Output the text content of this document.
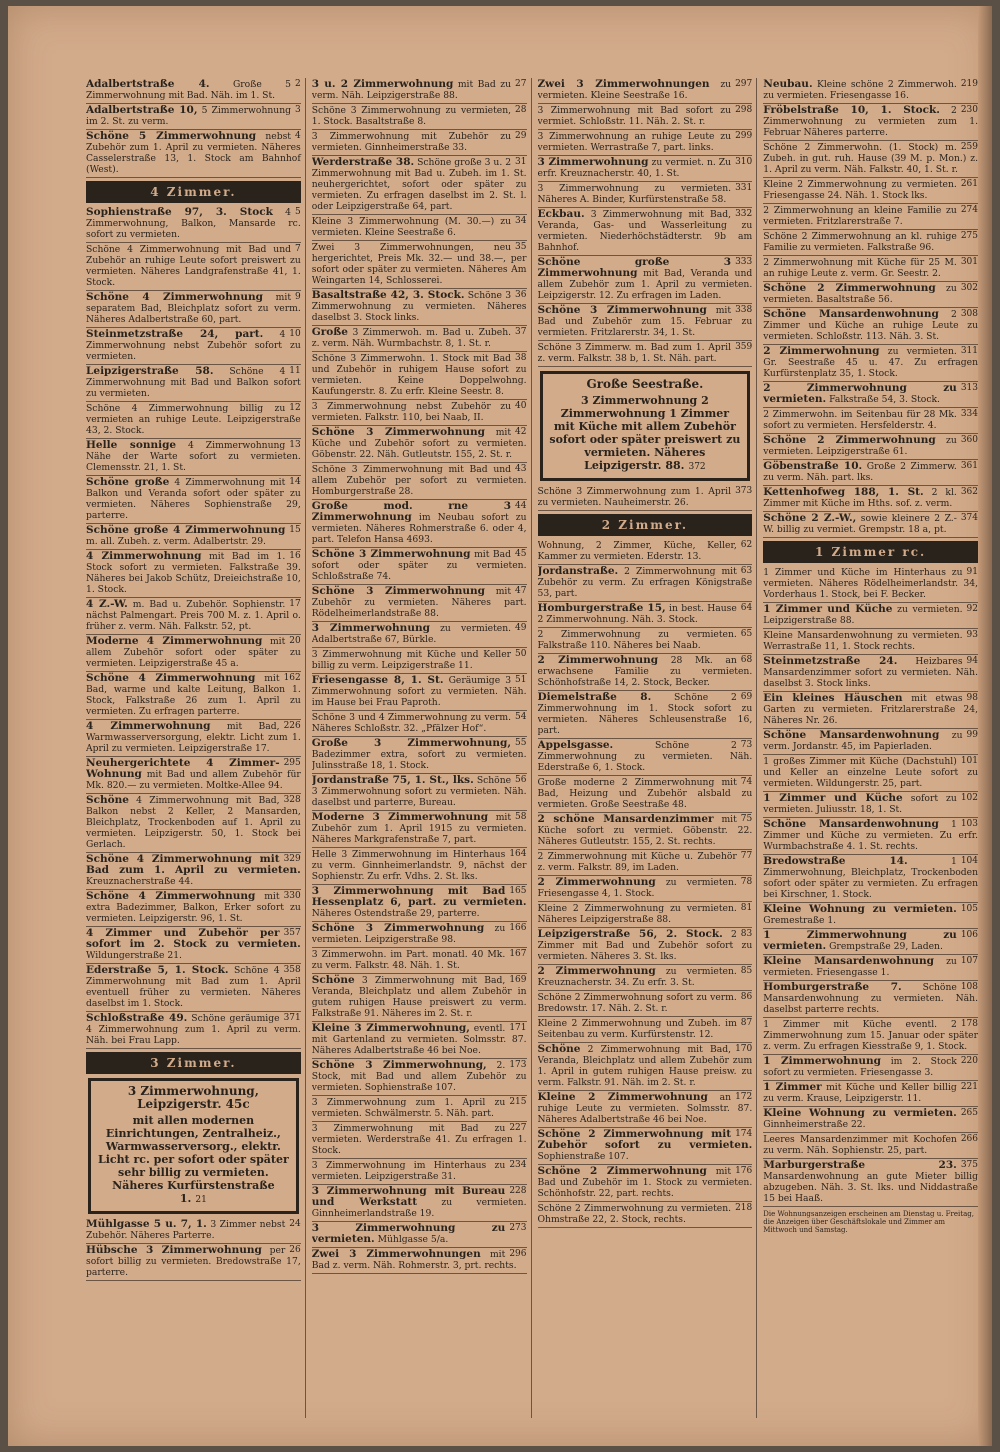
2
Adalbertstraße 4.	Große 5 Zimmerwohnung mit Bad. Näh. im 1. St.
3
Adalbertstraße 10, 5 Zimmerwohnung im 2. St. zu verm.
4
Schöne 5 Zimmerwohnung nebst Zubehör zum 1. April zu vermieten. Näheres Casselerstraße 13, 1. Stock am Bahnhof (West).
4 Zimmer.
5
Sophienstraße 97, 3. Stock 4 Zimmerwohnung, Balkon, Mansarde rc. sofort zu vermieten.
7
Schöne 4 Zimmerwohnung mit Bad und Zubehör an ruhige Leute sofort preiswert zu vermieten. Näheres Landgrafenstraße 41, 1. Stock.
9
Schöne 4 Zimmerwohnung mit separatem Bad, Bleichplatz sofort zu verm. Näheres Adalbertstraße 60, part.
10
Steinmetzstraße 24, part. 4 Zimmerwohnung nebst Zubehör sofort zu vermieten.
11
Leipzigerstraße 58. Schöne 4 Zimmerwohnung mit Bad und Balkon sofort zu vermieten.
12
Schöne 4 Zimmerwohnung billig zu vermieten an ruhige Leute. Leipzigerstraße 43, 2. Stock.
13
Helle sonnige 4 Zimmerwohnung Nähe der Warte sofort zu vermieten. Clemensstr. 21, 1. St.
14
Schöne große 4 Zimmerwohnung mit Balkon und Veranda sofort oder später zu vermieten. Näheres Sophienstraße 29, parterre.
15
Schöne große 4 Zimmerwohnung m. all. Zubeh. z. verm. Adalbertstr. 29.
16
4 Zimmerwohnung mit Bad im 1. Stock sofort zu vermieten. Falkstraße 39. Näheres bei Jakob Schütz, Dreieichstraße 10, 1. Stock.
17
4 Z.-W. m. Bad u. Zubehör. Sophienstr. nächst Palmengart. Preis 700 M. z. 1. April o. früher z. verm. Näh. Falkstr. 52, pt.
20
Moderne 4 Zimmerwohnung mit allem Zubehör sofort oder später zu vermieten. Leipzigerstraße 45 a.
162
Schöne 4 Zimmerwohnung mit Bad, warme und kalte Leitung, Balkon 1. Stock, Falkstraße 26 zum 1. April zu vermieten. Zu erfragen parterre.
226
4 Zimmerwohnung mit Bad, Warmwasserversorgung, elektr. Licht zum 1. April zu vermieten. Leipzigerstraße 17.
295
Neuhergerichtete 4 Zimmer-Wohnung mit Bad und allem Zubehör für Mk. 820.— zu vermieten. Moltke-Allee 94.
328
Schöne 4 Zimmerwohnung mit Bad, Balkon nebst 2 Keller, 2 Mansarden, Bleichplatz, Trockenboden auf 1. April zu vermieten. Leipzigerstr. 50, 1. Stock bei Gerlach.
329
Schöne 4 Zimmerwohnung mit Bad zum 1. April zu vermieten. Kreuznacherstraße 44.
330
Schöne 4 Zimmerwohnung mit extra Badezimmer, Balkon, Erker sofort zu vermieten. Leipzigerstr. 96, 1. St.
357
4 Zimmer und Zubehör per sofort im 2. Stock zu vermieten. Wildungerstraße 21.
358
Ederstraße 5, 1. Stock. Schöne 4 Zimmerwohnung mit Bad zum 1. April eventuell früher zu vermieten. Näheres daselbst im 1. Stock.
371
Schloßstraße 49. Schöne geräumige 4 Zimmerwohnung zum 1. April zu verm. Näh. bei Frau Lapp.
3 Zimmer.
3 Zimmerwohnung, Leipzigerstr. 45c
mit allen modernen Einrichtungen, Zentralheiz., Warmwasserversorg., elektr. Licht rc. per sofort oder später sehr billig zu vermieten. Näheres Kurfürstenstraße 1. 21
24
Mühlgasse 5 u. 7, 1. 3 Zimmer nebst Zubehör. Näheres Parterre.
26
Hübsche 3 Zimmerwohnung per sofort billig zu vermieten. Bredowstraße 17, parterre.
27
3 u. 2 Zimmerwohnung mit Bad zu verm. Näh. Leipzigerstraße 88.
28
Schöne 3 Zimmerwohnung zu vermieten, 1. Stock. Basaltstraße 8.
29
3 Zimmerwohnung mit Zubehör zu vermieten. Ginnheimerstraße 33.
31
Werderstraße 38. Schöne große 3 u. 2 Zimmerwohnung mit Bad u. Zubeh. im 1. St. neuhergerichtet, sofort oder später zu vermieten. Zu erfragen daselbst im 2. St. l. oder Leipzigerstraße 64, part.
34
Kleine 3 Zimmerwohnung (M. 30.—) zu vermieten. Kleine Seestraße 6.
35
Zwei 3 Zimmerwohnungen, neu hergerichtet, Preis Mk. 32.— und 38.—, per sofort oder später zu vermieten. Näheres Am Weingarten 14, Schlosserei.
36
Basaltstraße 42, 3. Stock. Schöne 3 Zimmerwohnung zu vermieten. Näheres daselbst 3. Stock links.
37
Große 3 Zimmerwoh. m. Bad u. Zubeh. z. verm. Näh. Wurmbachstr. 8, 1. St. r.
38
Schöne 3 Zimmerwohn. 1. Stock mit Bad und Zubehör in ruhigem Hause sofort zu vermieten. Keine Doppelwohng. Kaufungerstr. 8. Zu erfr. Kleine Seestr. 8.
40
3 Zimmerwohnung nebst Zubehör zu vermieten. Falkstr. 110, bei Naab, II.
42
Schöne 3 Zimmerwohnung mit Küche und Zubehör sofort zu vermieten. Göbenstr. 22. Näh. Gutleutstr. 155, 2. St. r.
43
Schöne 3 Zimmerwohnung mit Bad und allem Zubehör per sofort zu vermieten. Homburgerstraße 28.
44
Große mod. rne 3 Zimmerwohnung im Neubau sofort zu vermieten. Näheres Rohmerstraße 6. oder 4, part. Telefon Hansa 4693.
45
Schöne 3 Zimmerwohnung mit Bad sofort oder später zu vermieten. Schloßstraße 74.
47
Schöne 3 Zimmerwohnung mit Zubehör zu vermieten. Näheres part. Rödelheimerlandstraße 88.
49
3 Zimmerwohnung zu vermieten. Adalbertstraße 67, Bürkle.
50
3 Zimmerwohnung mit Küche und Keller billig zu verm. Leipzigerstraße 11.
51
Friesengasse 8, 1. St. Geräumige 3 Zimmerwohnung sofort zu vermieten. Näh. im Hause bei Frau Paproth.
54
Schöne 3 und 4 Zimmerwohnung zu verm. Näheres Schloßstr. 32. „Pfälzer Hof“.
55
Große 3 Zimmerwohnung, Badezimmer extra, sofort zu vermieten. Julinsstraße 18, 1. Stock.
56
Jordanstraße 75, 1. St., lks. Schöne 3 Zimmerwohnung sofort zu vermieten. Näh. daselbst und parterre, Bureau.
58
Moderne 3 Zimmerwohnung mit Zubehör zum 1. April 1915 zu vermieten. Näheres Markgrafenstraße 7, part.
164
Helle 3 Zimmerwohnung im Hinterhaus zu verm. Ginnheimerlandstr. 9, nächst der Sophienstr. Zu erfr. Vdhs. 2. St. lks.
165
3 Zimmerwohnung mit Bad Hessenplatz 6, part. zu vermieten. Näheres Ostendstraße 29, parterre.
166
Schöne 3 Zimmerwohnung zu vermieten. Leipzigerstraße 98.
167
3 Zimmerwohn. im Part. monatl. 40 Mk. zu verm. Falkstr. 48. Näh. 1. St.
169
Schöne 3 Zimmerwohnung mit Bad, Veranda, Bleichplatz und allem Zubehör in gutem ruhigen Hause preiswert zu verm. Falkstraße 91. Näheres im 2. St. r.
171
Kleine 3 Zimmerwohnung, eventl. mit Gartenland zu vermieten. Solmsstr. 87. Näheres Adalbertstraße 46 bei Noe.
173
Schöne 3 Zimmerwohnung, 2. Stock, mit Bad und allem Zubehör zu vermieten. Sophienstraße 107.
215
3 Zimmerwohnung zum 1. April zu vermieten. Schwälmerstr. 5. Näh. part.
227
3 Zimmerwohnung mit Bad zu vermieten. Werderstraße 41. Zu erfragen 1. Stock.
234
3 Zimmerwohnung im Hinterhaus zu vermieten. Leipzigerstraße 31.
228
3 Zimmerwohnung mit Bureau und Werkstatt	zu vermieten. Ginnheimerlandstraße 19.
273
3 Zimmerwohnung zu vermieten. Mühlgasse 5/a.
296
Zwei 3 Zimmerwohnungen mit Bad z. verm. Näh. Rohmerstr. 3, prt. rechts.
297
Zwei 3 Zimmerwohnungen zu vermieten. Kleine Seestraße 16.
298
3 Zimmerwohnung mit Bad sofort zu vermiet. Schloßstr. 11. Näh. 2. St. r.
299
3 Zimmerwohnung an ruhige Leute zu vermieten. Werrastraße 7, part. links.
310
3 Zimmerwohnung zu vermiet. n. Zu erfr. Kreuznacherstr. 40, 1. St.
331
3 Zimmerwohnung zu vermieten. Näheres A. Binder, Kurfürstenstraße 58.
332
Eckbau. 3 Zimmerwohnung mit Bad, Veranda, Gas- und Wasserleitung zu vermieten. Niederhöchstädterstr. 9b am Bahnhof.
333
Schöne große 3 Zimmerwohnung mit Bad, Veranda und allem Zubehör zum 1. April zu vermieten. Leipzigerstr. 12. Zu erfragen im Laden.
338
Schöne 3 Zimmerwohnung mit Bad und Zubehör zum 15. Februar zu vermieten. Fritzlarerstr. 34, 1. St.
359
Schöne 3 Zimmerw. m. Bad zum 1. April z. verm. Falkstr. 38 b, 1. St. Näh. part.
Große Seestraße.
3 Zimmerwohnung 2 Zimmerwohnung 1 Zimmer mit Küche mit allem Zubehör sofort oder später preiswert zu vermieten. Näheres Leipzigerstr. 88. 372
373
Schöne 3 Zimmerwohnung zum 1. April zu vermieten. Nauheimerstr. 26.
2 Zimmer.
62
Wohnung, 2 Zimmer, Küche, Keller, Kammer zu vermieten. Ederstr. 13.
63
Jordanstraße. 2 Zimmerwohnung mit Zubehör zu verm. Zu erfragen Königstraße 53, part.
64
Homburgerstraße 15, in best. Hause 2 Zimmerwohnung. Näh. 3. Stock.
65
2 Zimmerwohnung zu vermieten. Falkstraße 110. Näheres bei Naab.
68
2 Zimmerwohnung 28 Mk. an erwachsene Familie zu vermieten. Schönhofstraße 14, 2. Stock, Becker.
69
Diemelstraße 8. Schöne 2 Zimmerwohnung im 1. Stock sofort zu vermieten. Näheres Schleusenstraße 16, part.
73
Appelsgasse.	Schöne 2 Zimmerwohnung zu vermieten. Näh. Ederstraße 6, 1. Stock.
74
Große moderne 2 Zimmerwohnung mit Bad, Heizung und Zubehör alsbald zu vermieten. Große Seestraße 48.
75
2 schöne Mansardenzimmer mit Küche sofort zu vermiet. Göbenstr. 22. Näheres Gutleutstr. 155, 2. St. rechts.
77
2 Zimmerwohnung mit Küche u. Zubehör z. verm. Falkstr. 89, im Laden.
78
2 Zimmerwohnung zu vermieten. Friesengasse 4, 1. Stock.
81
Kleine 2 Zimmerwohnung zu vermieten. Näheres Leipzigerstraße 88.
83
Leipzigerstraße 56, 2. Stock. 2 Zimmer mit Bad und Zubehör sofort zu vermieten. Näheres 3. St. lks.
85
2 Zimmerwohnung zu vermieten. Kreuznacherstr. 34. Zu erfr. 3. St.
86
Schöne 2 Zimmerwohnung sofort zu verm. Bredowstr. 17. Näh. 2. St. r.
87
Kleine 2 Zimmerwohnung und Zubeh. im Seitenbau zu verm. Kurfürstenstr. 12.
170
Schöne 2 Zimmerwohnung mit Bad, Veranda, Bleichplatz und allem Zubehör zum 1. April in gutem ruhigen Hause preisw. zu verm. Falkstr. 91. Näh. im 2. St. r.
172
Kleine 2 Zimmerwohnung an ruhige Leute zu vermieten. Solmsstr. 87. Näheres Adalbertstraße 46 bei Noe.
174
Schöne 2 Zimmerwohnung mit Zubehör sofort zu vermieten. Sophienstraße 107.
176
Schöne 2 Zimmerwohnung mit Bad und Zubehör im 1. Stock zu vermieten. Schönhofstr. 22, part. rechts.
218
Schöne 2 Zimmerwohnung zu vermieten. Ohmstraße 22, 2. Stock, rechts.
219
Neubau. Kleine schöne 2 Zimmerwoh. zu vermieten. Friesengasse 16.
230
Fröbelstraße 10, 1. Stock. 2 Zimmerwohnung zu vermieten zum 1. Februar Näheres parterre.
259
Schöne 2 Zimmerwohn. (1. Stock) m. Zubeh. in gut. ruh. Hause (39 M. p. Mon.) z. 1. April zu verm. Näh. Falkstr. 40, 1. St. r.
261
Kleine 2 Zimmerwohnung zu vermieten. Friesengasse 24. Näh. 1. Stock lks.
274
2 Zimmerwohnung an kleine Familie zu vermieten. Fritzlarerstraße 7.
275
Schöne 2 Zimmerwohnung an kl. ruhige Familie zu vermieten. Falkstraße 96.
301
2 Zimmerwohnung mit Küche für 25 M. an ruhige Leute z. verm. Gr. Seestr. 2.
302
Schöne 2 Zimmerwohnung zu vermieten. Basaltstraße 56.
308
Schöne Mansardenwohnung 2 Zimmer und Küche an ruhige Leute zu vermieten. Schloßstr. 113. Näh. 3. St.
311
2 Zimmerwohnung zu vermieten. Gr. Seestraße 45 u. 47. Zu erfragen Kurfürstenplatz 35, 1. Stock.
313
2 Zimmerwohnung zu vermieten. Falkstraße 54, 3. Stock.
334
2 Zimmerwohn. im Seitenbau für 28 Mk. sofort zu vermieten. Hersfelderstr. 4.
360
Schöne 2 Zimmerwohnung zu vermieten. Leipzigerstraße 61.
361
Göbenstraße 10. Große 2 Zimmerw. zu verm. Näh. part. lks.
362
Kettenhofweg 188, 1. St. 2 kl. Zimmer mit Küche im Hths. sof. z. verm.
374
Schöne 2 Z.-W., sowie kleinere 2 Z.-W. billig zu vermiet. Grempstr. 18 a, pt.
1 Zimmer rc.
91
1 Zimmer und Küche im Hinterhaus zu vermieten. Näheres Rödelheimerlandstr. 34, Vorderhaus 1. Stock, bei F. Becker.
92
1 Zimmer und Küche zu vermieten. Leipzigerstraße 88.
93
Kleine Mansardenwohnung zu vermieten. Werrastraße 11, 1. Stock rechts.
94
Steinmetzstraße 24. Heizbares Mansardenzimmer sofort zu vermieten. Näh. daselbst 3. Stock links.
98
Ein kleines Häuschen mit etwas Garten zu vermieten. Fritzlarerstraße 24, Näheres Nr. 26.
99
Schöne Mansardenwohnung zu verm. Jordanstr. 45, im Papierladen.
101
1 großes Zimmer mit Küche (Dachstuhl) und Keller an einzelne Leute sofort zu vermieten. Wildungerstr. 25, part.
102
1 Zimmer und Küche sofort zu vermieten. Juliusstr. 18, 1. St.
103
Schöne Mansardenwohnung 1 Zimmer und Küche zu vermieten. Zu erfr. Wurmbachstraße 4. 1. St. rechts.
104
Bredowstraße 14.	1 Zimmerwohnung, Bleichplatz, Trockenboden sofort oder später zu vermieten. Zu erfragen bei Kirschner, 1. Stock.
105
Kleine Wohnung zu vermieten. Gremestraße 1.
106
1 Zimmerwohnung zu vermieten. Grempstraße 29, Laden.
107
Kleine Mansardenwohnung zu vermieten. Friesengasse 1.
108
Homburgerstraße 7. Schöne Mansardenwohnung zu vermieten. Näh. daselbst parterre rechts.
178
1 Zimmer mit Küche eventl. 2 Zimmerwohnung zum 15. Januar oder später z. verm. Zu erfragen Kiesstraße 9, 1. Stock.
220
1 Zimmerwohnung im 2. Stock sofort zu vermieten. Friesengasse 3.
221
1 Zimmer mit Küche und Keller billig zu verm. Krause, Leipzigerstr. 11.
265
Kleine Wohnung zu vermieten. Ginnheimerstraße 22.
266
Leeres Mansardenzimmer mit Kochofen zu verm. Näh. Sophienstr. 25, part.
375
Marburgerstraße 23. Mansardenwohnung an gute Mieter billig abzugeben. Näh. 3. St. lks. und Niddastraße 15 bei Haaß.
Die Wohnungsanzeigen erscheinen am Dienstag u. Freitag, die Anzeigen über Geschäftslokale und Zimmer am Mittwoch und Samstag.
